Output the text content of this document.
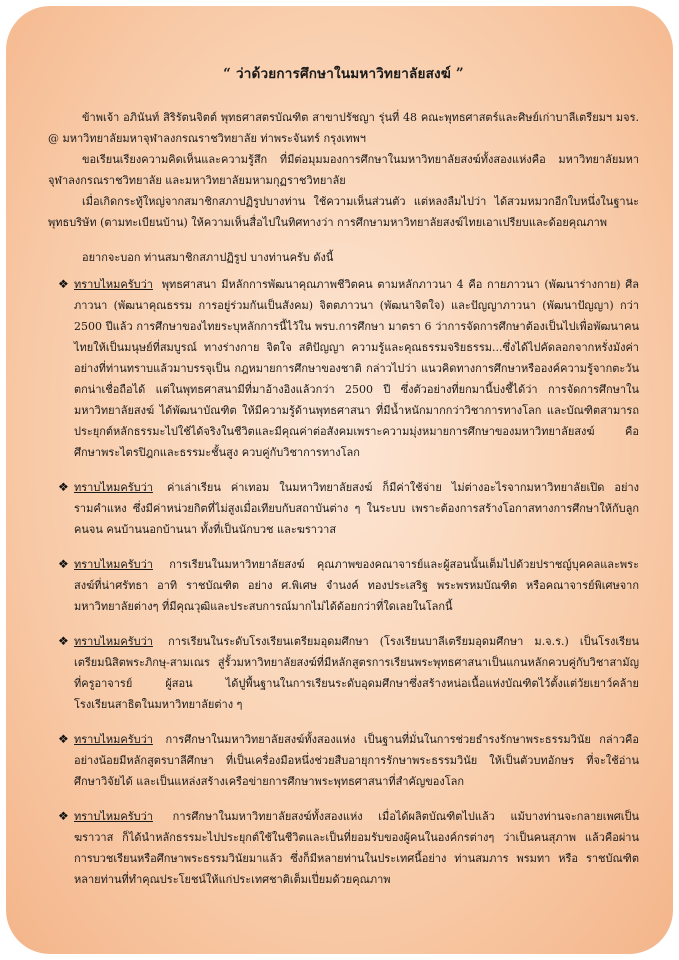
“ ว่าด้วยการศึกษาในมหาวิทยาลัยสงฆ์ ”

ข้าพเจ้า อภินันท์ สิริรัตนจิตต์ พุทธศาสตรบัณฑิต สาขาปรัชญา รุ่นที่ 48 คณะพุทธศาสตร์และศิษย์เก่าบาลีเตรียมฯ มจร. @ มหาวิทยาลัยมหาจุฬาลงกรณราชวิทยาลัย ท่าพระจันทร์ กรุงเทพฯ

ขอเรียนเรียงความคิดเห็นและความรู้สึก ที่มีต่อมุมมองการศึกษาในมหาวิทยาลัยสงฆ์ทั้งสองแห่งคือ มหาวิทยาลัยมหาจุฬาลงกรณราชวิทยาลัย และมหาวิทยาลัยมหามกุฏราชวิทยาลัย

เมื่อเกิดกระทู้ใหญ่จากสมาชิกสภาปฏิรูปบางท่าน ใช้ความเห็นส่วนตัว แต่หลงลืมไปว่า ได้สวมหมวกอีกใบหนึ่งในฐานะพุทธบริษัท (ตามทะเบียนบ้าน) ให้ความเห็นสื่อไปในทิศทางว่า การศึกษามหาวิทยาลัยสงฆ์ไทยเอาเปรียบและด้อยคุณภาพ

อยากจะบอก ท่านสมาชิกสภาปฏิรูป บางท่านครับ ดังนี้

❖ ทราบไหมครับว่า พุทธศาสนา มีหลักการพัฒนาคุณภาพชีวิตคน ตามหลักภาวนา 4 คือ กายภาวนา (พัฒนาร่างกาย) ศีลภาวนา (พัฒนาคุณธรรม การอยู่ร่วมกันเป็นสังคม) จิตตภาวนา (พัฒนาจิตใจ) และปัญญาภาวนา (พัฒนาปัญญา) กว่า 2500 ปีแล้ว การศึกษาของไทยระบุหลักการนี้ไว้ใน พรบ.การศึกษา มาตรา 6 ว่าการจัดการศึกษาต้องเป็นไปเพื่อพัฒนาคนไทยให้เป็นมนุษย์ที่สมบูรณ์ ทางร่างกาย จิตใจ สติปัญญา ความรู้และคุณธรรมจริยธรรม...ซึ่งได้ไปคัดลอกจากหรั่งมังค่าอย่างที่ท่านทราบแล้วมาบรรจุเป็น กฎหมายการศึกษาของชาติ กล่าวไปว่า แนวคิดทางการศึกษาหรือองค์ความรู้จากตะวันตกน่าเชื่อถือได้ แต่ในพุทธศาสนามีที่มาอ้างอิงแล้วกว่า 2500 ปี ซึ่งตัวอย่างที่ยกมานี้บ่งชี้ได้ว่า การจัดการศึกษาในมหาวิทยาลัยสงฆ์ ได้พัฒนาบัณฑิต ให้มีความรู้ด้านพุทธศาสนา ที่มีน้ำหนักมากกว่าวิชาการทางโลก และบัณฑิตสามารถประยุกต์หลักธรรมะไปใช้ได้จริงในชีวิตและมีคุณค่าต่อสังคมเพราะความมุ่งหมายการศึกษาของมหาวิทยาลัยสงฆ์ คือ ศึกษาพระไตรปิฎกและธรรมะชั้นสูง ควบคู่กับวิชาการทางโลก
❖ ทราบไหมครับว่า ค่าเล่าเรียน ค่าเทอม ในมหาวิทยาลัยสงฆ์ ก็มีค่าใช้จ่าย ไม่ต่างอะไรจากมหาวิทยาลัยเปิด อย่าง รามคำแหง ซึ่งมีค่าหน่วยกิตที่ไม่สูงเมื่อเทียบกับสถาบันต่าง ๆ ในระบบ เพราะต้องการสร้างโอกาสทางการศึกษาให้กับลูกคนจน คนบ้านนอกบ้านนา ทั้งที่เป็นนักบวช และฆราวาส
❖ ทราบไหมครับว่า การเรียนในมหาวิทยาลัยสงฆ์ คุณภาพของคณาจารย์และผู้สอนนั้นเต็มไปด้วยปราชญ์บุคคลและพระสงฆ์ที่น่าศรัทธา อาทิ ราชบัณฑิต อย่าง ศ.พิเศษ จำนงค์ ทองประเสริฐ พระพรหมบัณฑิต หรือคณาจารย์พิเศษจากมหาวิทยาลัยต่างๆ ที่มีคุณวุฒิและประสบการณ์มากไม่ได้ด้อยกว่าที่ใดเลยในโลกนี้
❖ ทราบไหมครับว่า การเรียนในระดับโรงเรียนเตรียมอุดมศึกษา (โรงเรียนบาลีเตรียมอุดมศึกษา ม.จ.ร.) เป็นโรงเรียนเตรียมนิสิตพระภิกษุ-สามเณร สู่รั้วมหาวิทยาลัยสงฆ์ที่มีหลักสูตรการเรียนพระพุทธศาสนาเป็นแกนหลักควบคู่กับวิชาสามัญ ที่ครูอาจารย์ ผู้สอน ได้ปูพื้นฐานในการเรียนระดับอุดมศึกษาซึ่งสร้างหน่อเนื้อแห่งบัณฑิตไว้ตั้งแต่วัยเยาว์คล้ายโรงเรียนสาธิตในมหาวิทยาลัยต่าง ๆ
❖ ทราบไหมครับว่า การศึกษาในมหาวิทยาลัยสงฆ์ทั้งสองแห่ง เป็นฐานที่มั่นในการช่วยธำรงรักษาพระธรรมวินัย กล่าวคือ อย่างน้อยมีหลักสูตรบาลีศึกษา ที่เป็นเครื่องมือหนึ่งช่วยสืบอายุการรักษาพระธรรมวินัย ให้เป็นตัวบทอักษร ที่จะใช้อ่านศึกษาวิจัยได้ และเป็นแหล่งสร้างเครือข่ายการศึกษาพระพุทธศาสนาที่สำคัญของโลก
❖ ทราบไหมครับว่า การศึกษาในมหาวิทยาลัยสงฆ์ทั้งสองแห่ง เมื่อได้ผลิตบัณฑิตไปแล้ว แม้บางท่านจะกลายเพศเป็นฆราวาส ก็ได้นำหลักธรรมะไปประยุกต์ใช้ในชีวิตและเป็นที่ยอมรับของผู้คนในองค์กรต่างๆ ว่าเป็นคนสุภาพ แล้วคือผ่านการบวชเรียนหรือศึกษาพระธรรมวินัยมาแล้ว ซึ่งก็มีหลายท่านในประเทศนี้อย่าง ท่านสมภาร พรมทา หรือ ราชบัณฑิตหลายท่านที่ทำคุณประโยชน์ให้แก่ประเทศชาติเต็มเปี่ยมด้วยคุณภาพ
